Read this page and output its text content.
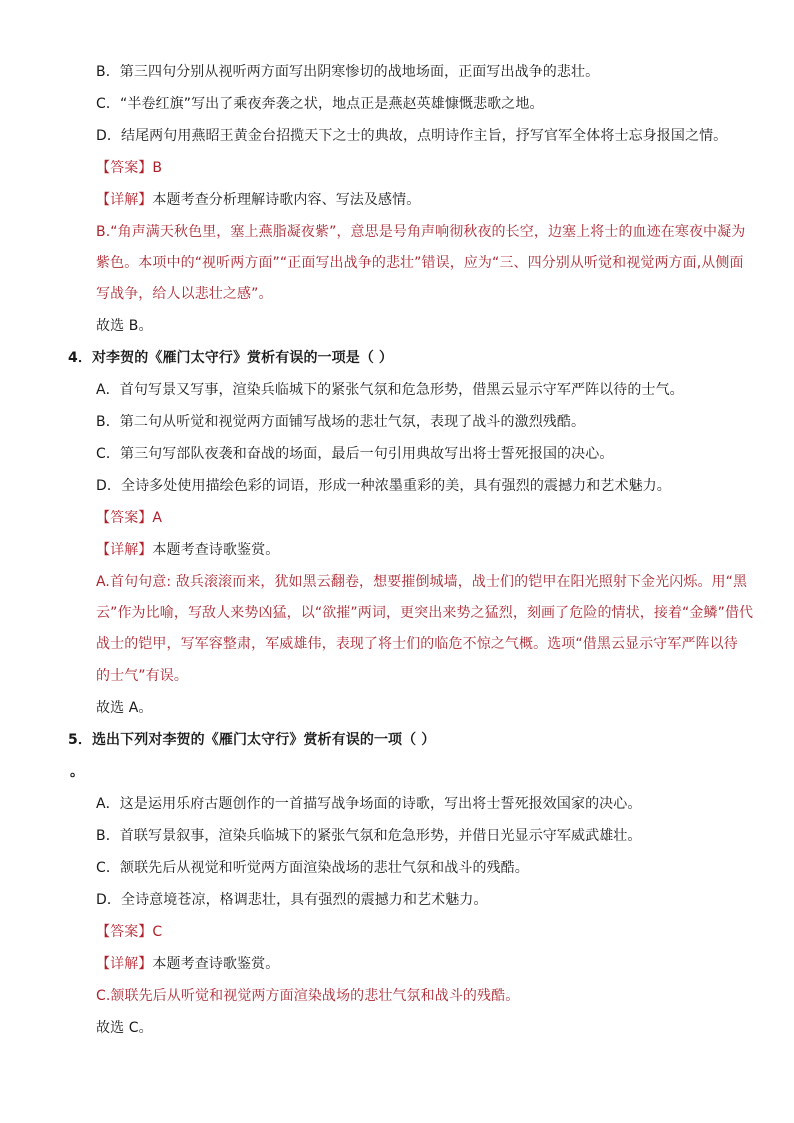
B．第三四句分别从视听两方面写出阴寒惨切的战地场面，正面写出战争的悲壮。
C．“半卷红旗”写出了乘夜奔袭之状，地点正是燕赵英雄慷慨悲歌之地。
D．结尾两句用燕昭王黄金台招揽天下之士的典故，点明诗作主旨，抒写官军全体将士忘身报国之情。
【答案】B
【详解】本题考查分析理解诗歌内容、写法及感情。
B.“角声满天秋色里，塞上燕脂凝夜紫”，意思是号角声响彻秋夜的长空，边塞上将士的血迹在寒夜中凝为
紫色。本项中的“视听两方面”“正面写出战争的悲壮”错误，应为“三、四分别从听觉和视觉两方面,从侧面
写战争，给人以悲壮之感”。
故选 B。
4．对李贺的《雁门太守行》赏析有误的一项是（ ）
A．首句写景又写事，渲染兵临城下的紧张气氛和危急形势，借黑云显示守军严阵以待的士气。
B．第二句从听觉和视觉两方面铺写战场的悲壮气氛，表现了战斗的激烈残酷。
C．第三句写部队夜袭和奋战的场面，最后一句引用典故写出将士誓死报国的决心。
D．全诗多处使用描绘色彩的词语，形成一种浓墨重彩的美，具有强烈的震撼力和艺术魅力。
【答案】A
【详解】本题考查诗歌鉴赏。
A.首句句意: 敌兵滚滚而来，犹如黑云翻卷，想要摧倒城墙，战士们的铠甲在阳光照射下金光闪烁。用“黑
云”作为比喻，写敌人来势凶猛，以“欲摧”两词，更突出来势之猛烈，刻画了危险的情状，接着“金鳞”借代
战士的铠甲，写军容整肃，军威雄伟，表现了将士们的临危不惊之气概。选项“借黑云显示守军严阵以待
的士气”有误。
故选 A。
5．选出下列对李贺的《雁门太守行》赏析有误的一项（ ）
。
A．这是运用乐府古题创作的一首描写战争场面的诗歌，写出将士誓死报效国家的决心。
B．首联写景叙事，渲染兵临城下的紧张气氛和危急形势，并借日光显示守军威武雄壮。
C．颔联先后从视觉和听觉两方面渲染战场的悲壮气氛和战斗的残酷。
D．全诗意境苍凉，格调悲壮，具有强烈的震撼力和艺术魅力。
【答案】C
【详解】本题考查诗歌鉴赏。
C.颔联先后从听觉和视觉两方面渲染战场的悲壮气氛和战斗的残酷。
故选 C。
